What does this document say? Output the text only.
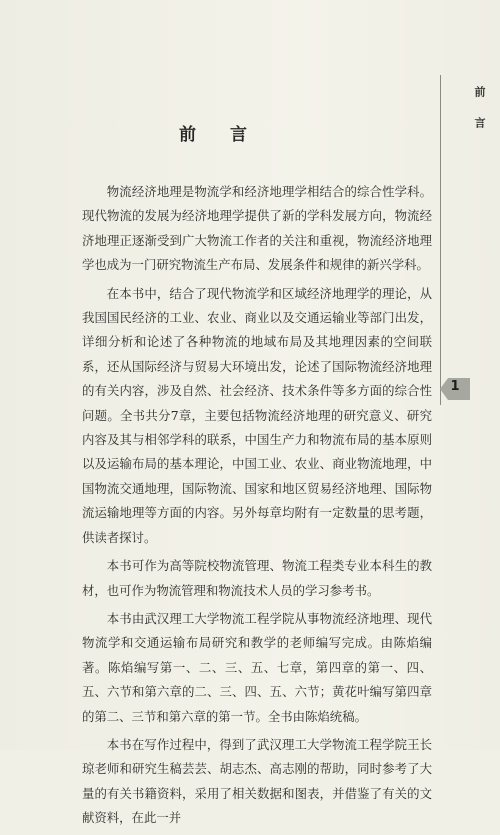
前 言
1
前 言

物流经济地理是物流学和经济地理学相结合的综合性学科。现代物流的发展为经济地理学提供了新的学科发展方向，物流经济地理正逐渐受到广大物流工作者的关注和重视，物流经济地理学也成为一门研究物流生产布局、发展条件和规律的新兴学科。

在本书中，结合了现代物流学和区域经济地理学的理论，从我国国民经济的工业、农业、商业以及交通运输业等部门出发，详细分析和论述了各种物流的地域布局及其地理因素的空间联系，还从国际经济与贸易大环境出发，论述了国际物流经济地理的有关内容，涉及自然、社会经济、技术条件等多方面的综合性问题。全书共分7章，主要包括物流经济地理的研究意义、研究内容及其与相邻学科的联系，中国生产力和物流布局的基本原则以及运输布局的基本理论，中国工业、农业、商业物流地理，中国物流交通地理，国际物流、国家和地区贸易经济地理、国际物流运输地理等方面的内容。另外每章均附有一定数量的思考题，供读者探讨。

本书可作为高等院校物流管理、物流工程类专业本科生的教材，也可作为物流管理和物流技术人员的学习参考书。

本书由武汉理工大学物流工程学院从事物流经济地理、现代物流学和交通运输布局研究和教学的老师编写完成。由陈焰编著。陈焰编写第一、二、三、五、七章，第四章的第一、四、五、六节和第六章的二、三、四、五、六节；黄花叶编写第四章的第二、三节和第六章的第一节。全书由陈焰统稿。

本书在写作过程中，得到了武汉理工大学物流工程学院王长琼老师和研究生稿芸芸、胡志杰、高志刚的帮助，同时参考了大量的有关书籍资料，采用了相关数据和图表，并借鉴了有关的文献资料，在此一并
